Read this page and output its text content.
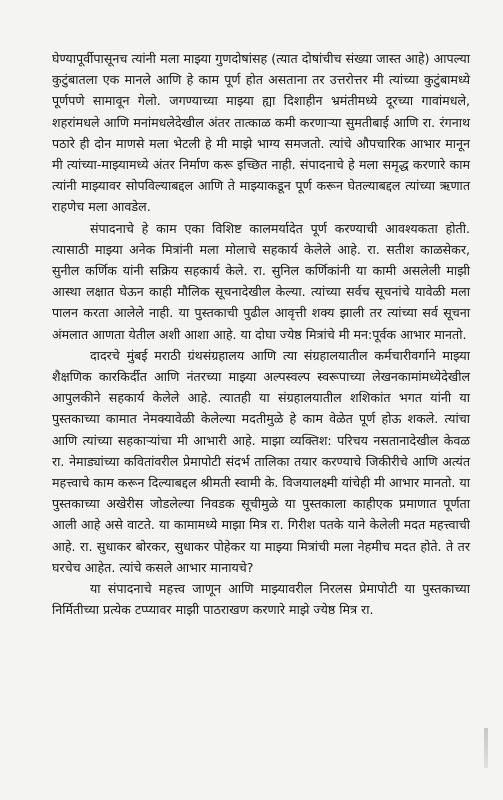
घेण्यापूर्वीपासूनच त्यांनी मला माझ्या गुणदोषांसह (त्यात दोषांचीच संख्या जास्त आहे) आपल्या कुटुंबातला एक मानले आणि हे काम पूर्ण होत असताना तर उत्तरोत्तर मी त्यांच्या कुटुंबामध्ये पूर्णपणे सामावून गेलो. जगण्याच्या माझ्या ह्या दिशाहीन भ्रमंतीमध्ये दूरच्या गावांमधले, शहरांमधले आणि मनांमधलेदेखील अंतर तात्काळ कमी करणाऱ्या सुमतीबाई आणि रा. रंगनाथ पठारे ही दोन माणसे मला भेटली हे मी माझे भाग्य समजतो. त्यांचे औपचारिक आभार मानून मी त्यांच्या-माझ्यामध्ये अंतर निर्माण करू इच्छित नाही. संपादनाचे हे मला समृद्ध करणारे काम त्यांनी माझ्यावर सोपविल्याबद्दल आणि ते माझ्याकडून पूर्ण करून घेतल्याबद्दल त्यांच्या ऋणात राहणेच मला आवडेल.

संपादनाचे हे काम एका विशिष्ट कालमर्यादेत पूर्ण करण्याची आवश्यकता होती. त्यासाठी माझ्या अनेक मित्रांनी मला मोलाचे सहकार्य केलेले आहे. रा. सतीश काळसेकर, सुनील कर्णिक यांनी सक्रिय सहकार्य केले. रा. सुनिल कर्णिकांनी या कामी असलेली माझी आस्था लक्षात घेऊन काही मौलिक सूचनादेखील केल्या. त्यांच्या सर्वच सूचनांचे यावेळी मला पालन करता आलेले नाही. या पुस्तकाची पुढील आवृत्ती शक्य झाली तर त्यांच्या सर्व सूचना अंमलात आणता येतील अशी आशा आहे. या दोघा ज्येष्ठ मित्रांचे मी मन:पूर्वक आभार मानतो.

दादरचे मुंबई मराठी ग्रंथसंग्रहालय आणि त्या संग्रहालयातील कर्मचारीवर्गाने माझ्या शैक्षणिक कारकिर्दीत आणि नंतरच्या माझ्या अल्पस्वल्प स्वरूपाच्या लेखनकामांमध्येदेखील आपुलकीने सहकार्य केलेले आहे. त्यातही या संग्रहालयातील शशिकांत भगत यांनी या पुस्तकाच्या कामात नेमक्यावेळी केलेल्या मदतीमुळे हे काम वेळेत पूर्ण होऊ शकले. त्यांचा आणि त्यांच्या सहकाऱ्यांचा मी आभारी आहे. माझा व्यक्तिश: परिचय नसतानादेखील केवळ रा. नेमाड्यांच्या कवितांवरील प्रेमापोटी संदर्भ तालिका तयार करण्याचे जिकीरीचे आणि अत्यंत महत्त्वाचे काम करून दिल्याबद्दल श्रीमती स्वामी के. विजयालक्ष्मी यांचेही मी आभार मानतो. या पुस्तकाच्या अखेरीस जोडलेल्या निवडक सूचीमुळे या पुस्तकाला काहीएक प्रमाणात पूर्णता आली आहे असे वाटते. या कामामध्ये माझा मित्र रा. गिरीश पतके याने केलेली मदत महत्त्वाची आहे. रा. सुधाकर बोरकर, सुधाकर पोहेकर या माझ्या मित्रांची मला नेहमीच मदत होते. ते तर घरचेच आहेत. त्यांचे कसले आभार मानायचे?

या संपादनाचे महत्त्व जाणून आणि माझ्यावरील निरलस प्रेमापोटी या पुस्तकाच्या निर्मितीच्या प्रत्येक टप्प्यावर माझी पाठराखण करणारे माझे ज्येष्ठ मित्र रा.
